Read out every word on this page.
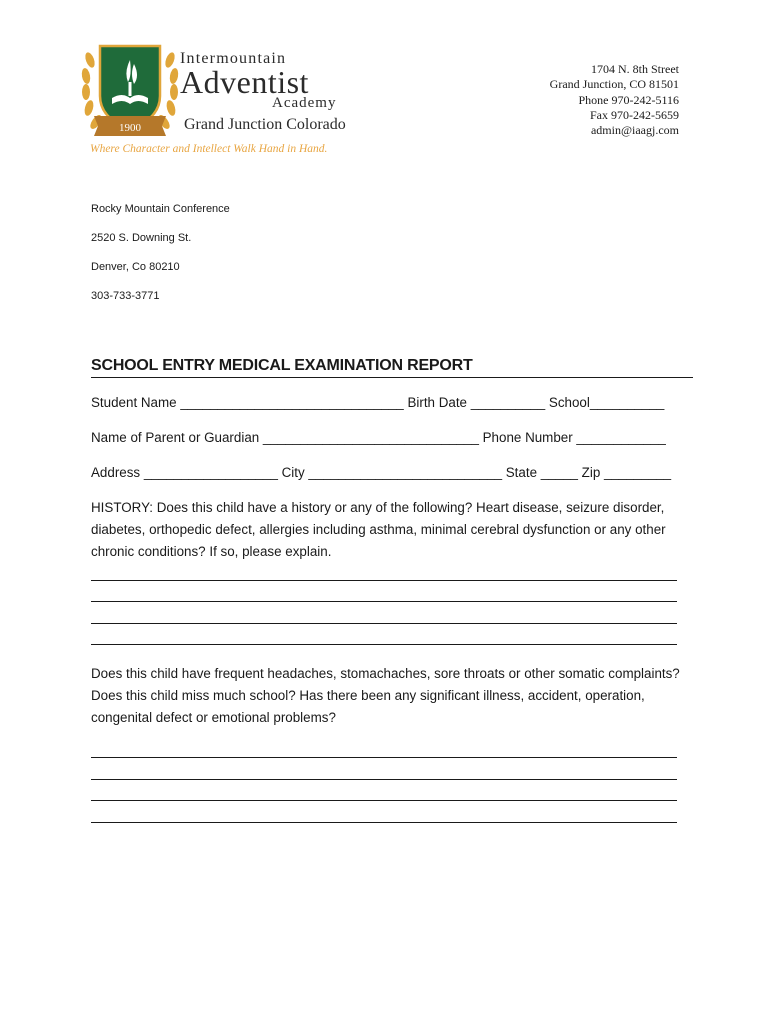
1900
Intermountain
Adventist
Academy
Grand Junction Colorado
Where Character and Intellect Walk Hand in Hand.
1704 N. 8th Street
Grand Junction, CO 81501
Phone 970-242-5116
Fax 970-242-5659
admin@iaagj.com
Rocky Mountain Conference
2520 S. Downing St.
Denver, Co 80210
303-733-3771
SCHOOL ENTRY MEDICAL EXAMINATION REPORT
Student Name ______________________________ Birth Date __________ School__________
Name of Parent or Guardian _____________________________ Phone Number ____________
Address __________________ City __________________________ State _____ Zip _________
HISTORY: Does this child have a history or any of the following? Heart disease, seizure disorder, diabetes, orthopedic defect, allergies including asthma, minimal cerebral dysfunction or any other chronic conditions? If so, please explain.
Does this child have frequent headaches, stomachaches, sore throats or other somatic complaints? Does this child miss much school? Has there been any significant illness, accident, operation, congenital defect or emotional problems?
